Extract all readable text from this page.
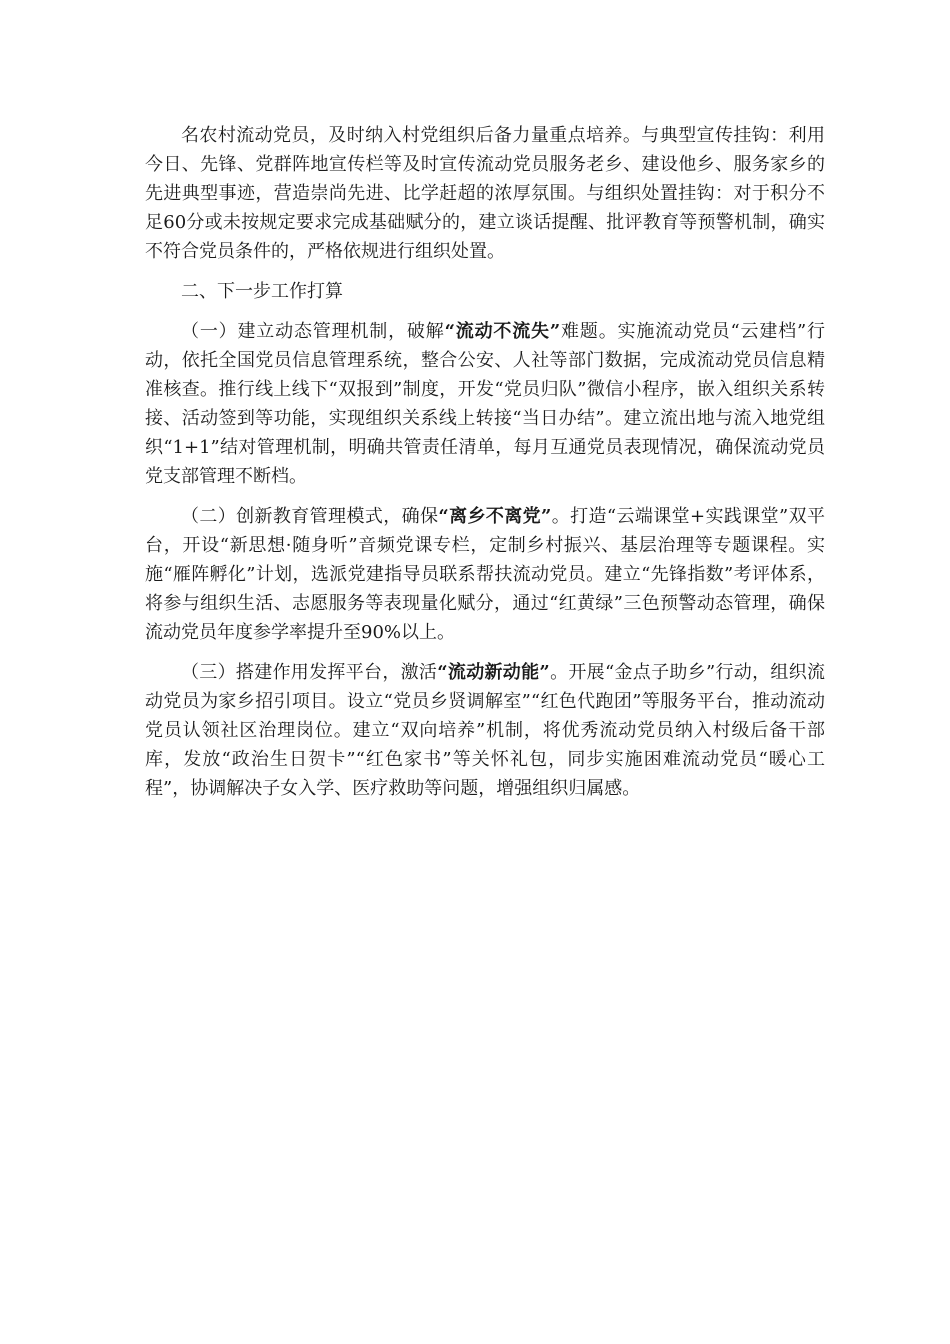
名农村流动党员，及时纳入村党组织后备力量重点培养。与典型宣传挂钩：利用今日、先锋、党群阵地宣传栏等及时宣传流动党员服务老乡、建设他乡、服务家乡的先进典型事迹，营造崇尚先进、比学赶超的浓厚氛围。与组织处置挂钩：对于积分不足60分或未按规定要求完成基础赋分的，建立谈话提醒、批评教育等预警机制，确实不符合党员条件的，严格依规进行组织处置。

二、下一步工作打算

（一）建立动态管理机制，破解“流动不流失”难题。实施流动党员“云建档”行动，依托全国党员信息管理系统，整合公安、人社等部门数据，完成流动党员信息精准核查。推行线上线下“双报到”制度，开发“党员归队”微信小程序，嵌入组织关系转接、活动签到等功能，实现组织关系线上转接“当日办结”。建立流出地与流入地党组织“1+1”结对管理机制，明确共管责任清单，每月互通党员表现情况，确保流动党员党支部管理不断档。

（二）创新教育管理模式，确保“离乡不离党”。打造“云端课堂+实践课堂”双平台，开设“新思想·随身听”音频党课专栏，定制乡村振兴、基层治理等专题课程。实施“雁阵孵化”计划，选派党建指导员联系帮扶流动党员。建立“先锋指数”考评体系，将参与组织生活、志愿服务等表现量化赋分，通过“红黄绿”三色预警动态管理，确保流动党员年度参学率提升至90%以上。

（三）搭建作用发挥平台，激活“流动新动能”。开展“金点子助乡”行动，组织流动党员为家乡招引项目。设立“党员乡贤调解室”“红色代跑团”等服务平台，推动流动党员认领社区治理岗位。建立“双向培养”机制，将优秀流动党员纳入村级后备干部库，发放“政治生日贺卡”“红色家书”等关怀礼包，同步实施困难流动党员“暖心工程”，协调解决子女入学、医疗救助等问题，增强组织归属感。
